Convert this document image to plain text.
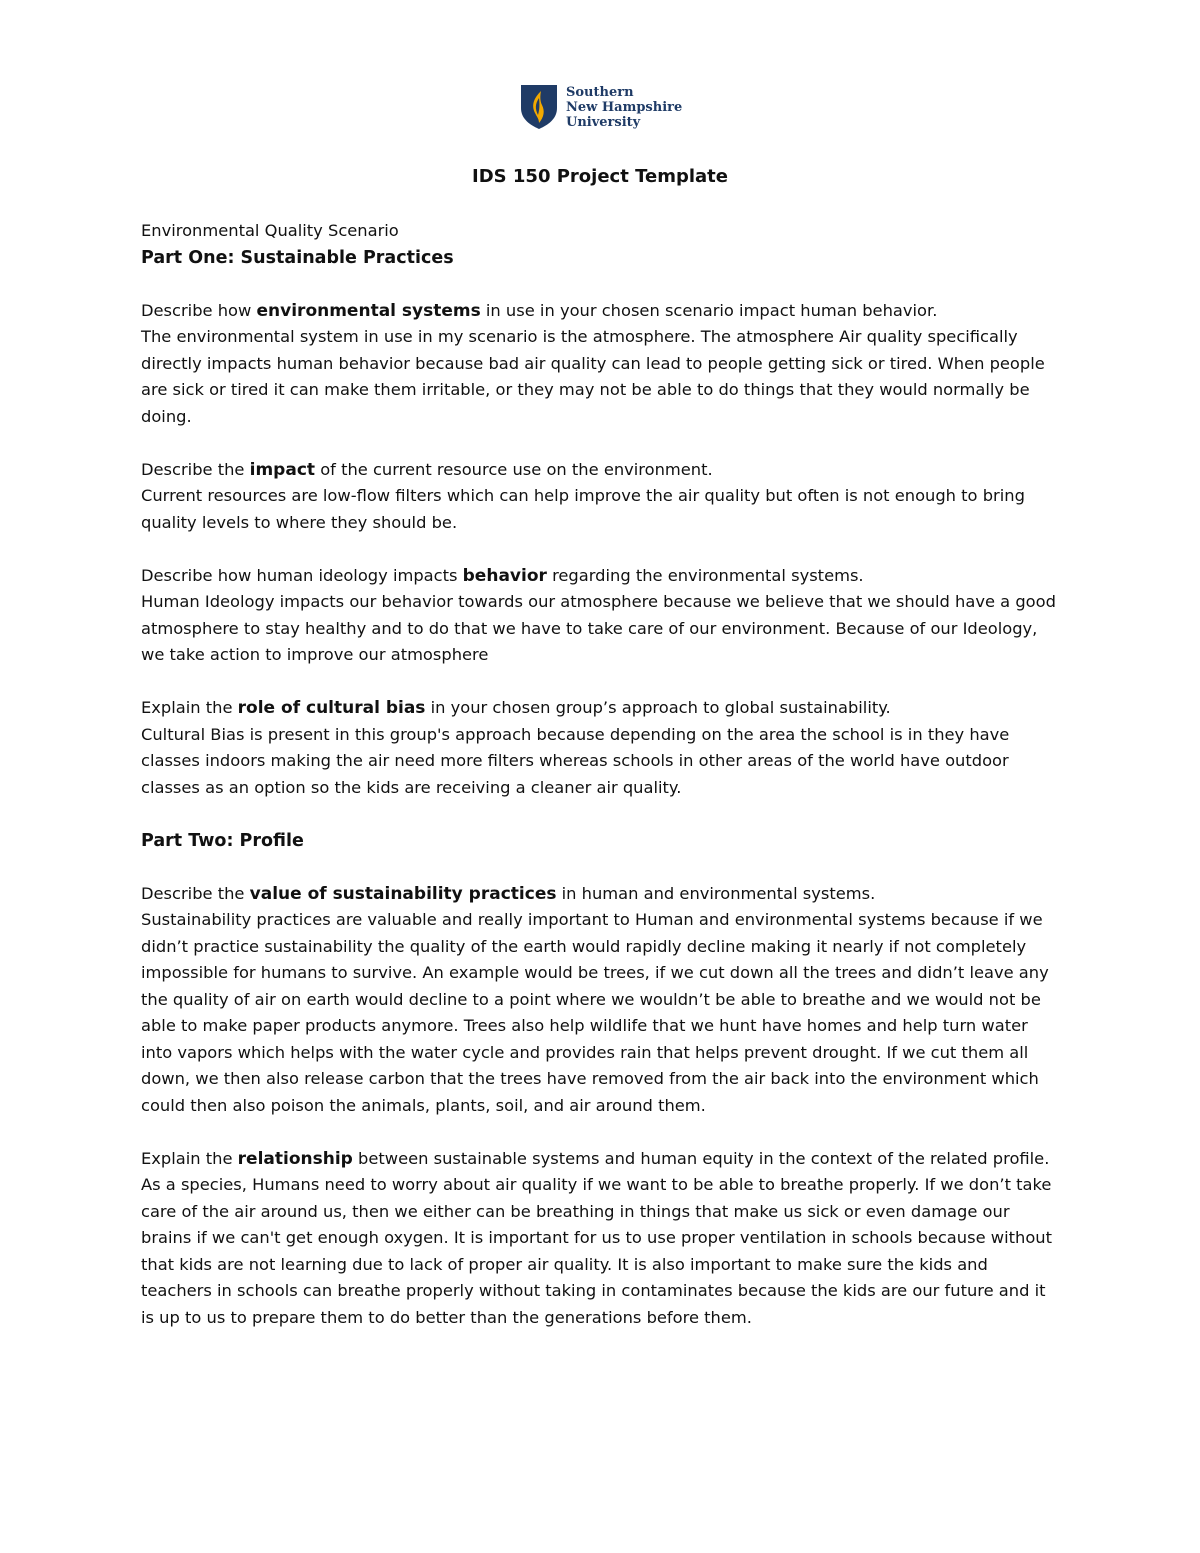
Southern
New Hampshire
University
IDS 150 Project Template

Environmental Quality Scenario

Part One: Sustainable Practices

Describe how environmental systems in use in your chosen scenario impact human behavior.

The environmental system in use in my scenario is the atmosphere. The atmosphere Air quality specifically directly impacts human behavior because bad air quality can lead to people getting sick or tired. When people are sick or tired it can make them irritable, or they may not be able to do things that they would normally be doing.

Describe the impact of the current resource use on the environment.

Current resources are low-flow filters which can help improve the air quality but often is not enough to bring quality levels to where they should be.

Describe how human ideology impacts behavior regarding the environmental systems.

Human Ideology impacts our behavior towards our atmosphere because we believe that we should have a good atmosphere to stay healthy and to do that we have to take care of our environment. Because of our Ideology, we take action to improve our atmosphere

Explain the role of cultural bias in your chosen group’s approach to global sustainability.

Cultural Bias is present in this group's approach because depending on the area the school is in they have classes indoors making the air need more filters whereas schools in other areas of the world have outdoor classes as an option so the kids are receiving a cleaner air quality.

Part Two: Profile

Describe the value of sustainability practices in human and environmental systems.

Sustainability practices are valuable and really important to Human and environmental systems because if we didn’t practice sustainability the quality of the earth would rapidly decline making it nearly if not completely impossible for humans to survive. An example would be trees, if we cut down all the trees and didn’t leave any the quality of air on earth would decline to a point where we wouldn’t be able to breathe and we would not be able to make paper products anymore. Trees also help wildlife that we hunt have homes and help turn water into vapors which helps with the water cycle and provides rain that helps prevent drought. If we cut them all down, we then also release carbon that the trees have removed from the air back into the environment which could then also poison the animals, plants, soil, and air around them.

Explain the relationship between sustainable systems and human equity in the context of the related profile.

As a species, Humans need to worry about air quality if we want to be able to breathe properly. If we don’t take care of the air around us, then we either can be breathing in things that make us sick or even damage our brains if we can't get enough oxygen. It is important for us to use proper ventilation in schools because without that kids are not learning due to lack of proper air quality. It is also important to make sure the kids and teachers in schools can breathe properly without taking in contaminates because the kids are our future and it is up to us to prepare them to do better than the generations before them.
